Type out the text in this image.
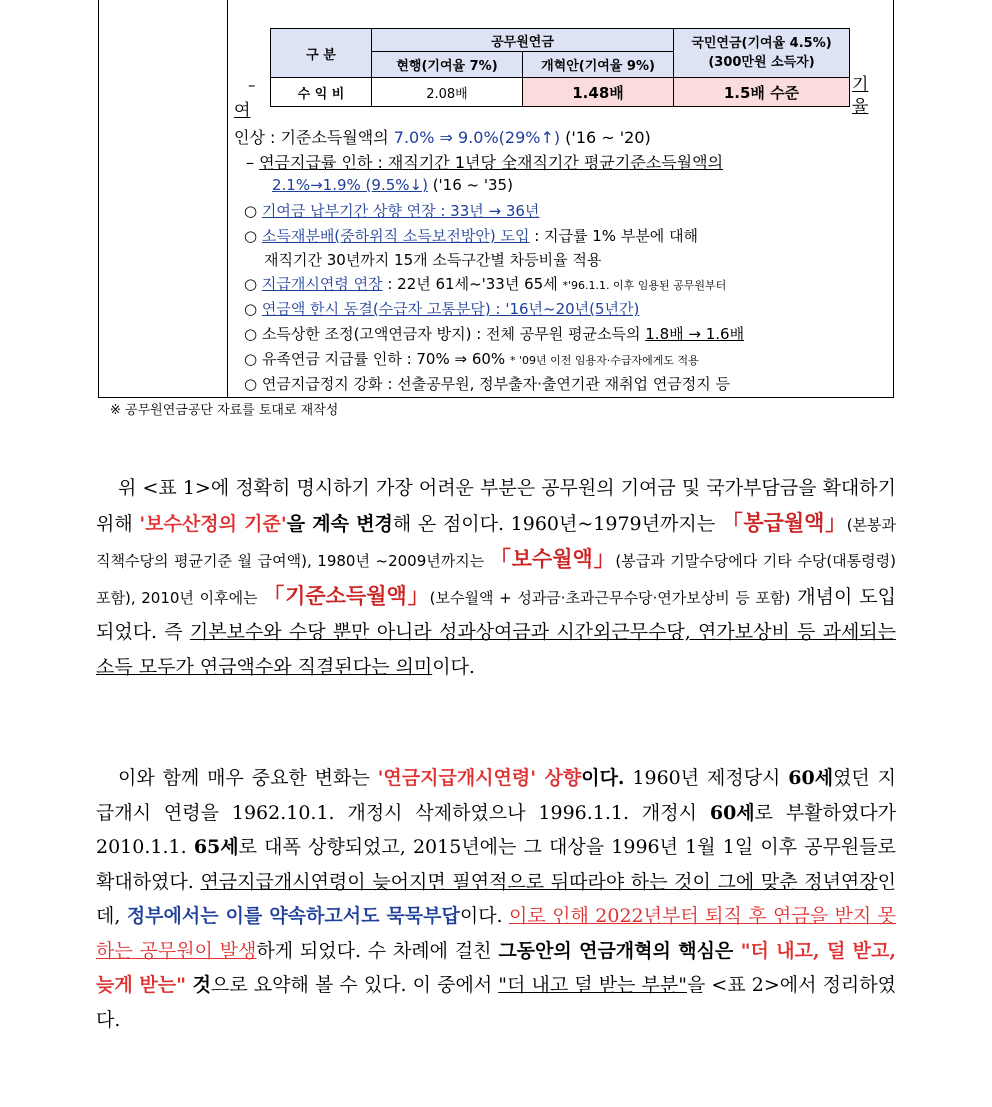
구 분	공무원연금		국민연금(기여율 4.5%)
(300만원 소득자)
	현행(기여율 7%)	개혁안(기여율 9%)	
수 익 비	2.08배	1.48배	1.5배 수준
–
여
기율
인상 : 기준소득월액의 7.0% ⇒ 9.0%(29%↑) ('16 ~ '20)
– 연금지급률 인하 : 재직기간 1년당 全재직기간 평균기준소득월액의
2.1%→1.9% (9.5%↓) ('16 ~ '35)
○ 기여금 납부기간 상향 연장 : 33년 → 36년
○ 소득재분배(중하위직 소득보전방안) 도입 : 지급률 1% 부분에 대해
재직기간 30년까지 15개 소득구간별 차등비율 적용
○ 지급개시연령 연장 : 22년 61세~'33년 65세 *'96.1.1. 이후 임용된 공무원부터
○ 연금액 한시 동결(수급자 고통분담) : '16년~20년(5년간)
○ 소득상한 조정(고액연금자 방지) : 전체 공무원 평균소득의 1.8배 → 1.6배
○ 유족연금 지급률 인하 : 70% ⇒ 60% * '09년 이전 임용자·수급자에게도 적용
○ 연금지급정지 강화 : 선출공무원, 정부출자·출연기관 재취업 연금정지 등
※ 공무원연금공단 자료를 토대로 재작성

위 <표 1>에 정확히 명시하기 가장 어려운 부분은 공무원의 기여금 및 국가부담금을 확대하기 위해 '보수산정의 기준'을 계속 변경해 온 점이다. 1960년~1979년까지는 「봉급월액」(본봉과 직책수당의 평균기준 월 급여액), 1980년 ~2009년까지는 「보수월액」(봉급과 기말수당에다 기타 수당(대통령령) 포함), 2010년 이후에는 「기준소득월액」(보수월액 + 성과금·초과근무수당·연가보상비 등 포함) 개념이 도입되었다. 즉 기본보수와 수당 뿐만 아니라 성과상여금과 시간외근무수당, 연가보상비 등 과세되는 소득 모두가 연금액수와 직결된다는 의미이다.

이와 함께 매우 중요한 변화는 '연금지급개시연령' 상향이다. 1960년 제정당시 60세였던 지급개시 연령을 1962.10.1. 개정시 삭제하였으나 1996.1.1. 개정시 60세로 부활하였다가 2010.1.1. 65세로 대폭 상향되었고, 2015년에는 그 대상을 1996년 1월 1일 이후 공무원들로 확대하였다. 연금지급개시연령이 늦어지면 필연적으로 뒤따라야 하는 것이 그에 맞춘 정년연장인데, 정부에서는 이를 약속하고서도 묵묵부답이다. 이로 인해 2022년부터 퇴직 후 연금을 받지 못하는 공무원이 발생하게 되었다. 수 차례에 걸친 그동안의 연금개혁의 핵심은 "더 내고, 덜 받고, 늦게 받는" 것으로 요약해 볼 수 있다. 이 중에서 "더 내고 덜 받는 부분"을 <표 2>에서 정리하였다.
